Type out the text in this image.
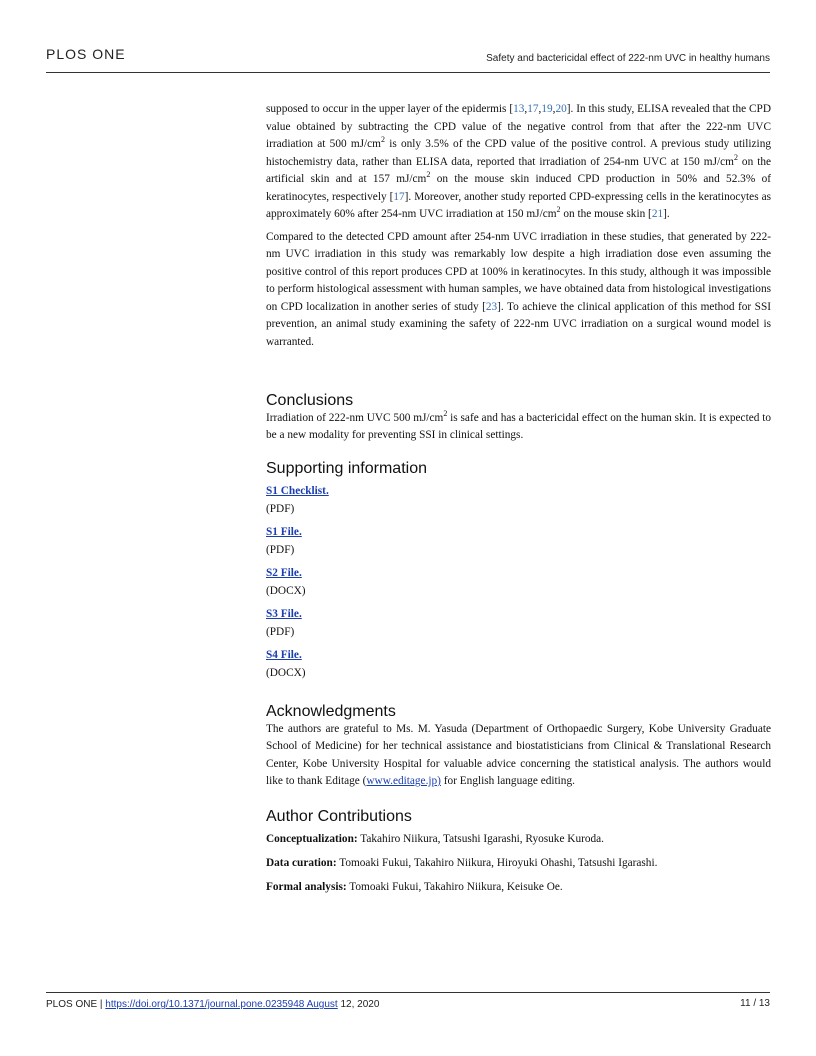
PLOS ONE	Safety and bactericidal effect of 222-nm UVC in healthy humans

supposed to occur in the upper layer of the epidermis [13,17,19,20]. In this study, ELISA revealed that the CPD value obtained by subtracting the CPD value of the negative control from that after the 222-nm UVC irradiation at 500 $mJ/cm^2$ is only 3.5% of the CPD value of the positive control. A previous study utilizing histochemistry data, rather than ELISA data, reported that irradiation of 254-nm UVC at 150 $mJ/cm^2$ on the artificial skin and at 157 $mJ/cm^2$ on the mouse skin induced CPD production in 50% and 52.3% of keratinocytes, respectively [17]. Moreover, another study reported CPD-expressing cells in the keratinocytes as approximately 60% after 254-nm UVC irradiation at 150 $mJ/cm^2$ on the mouse skin [21].

Compared to the detected CPD amount after 254-nm UVC irradiation in these studies, that generated by 222-nm UVC irradiation in this study was remarkably low despite a high irradiation dose even assuming the positive control of this report produces CPD at 100% in keratinocytes. In this study, although it was impossible to perform histological assessment with human samples, we have obtained data from histological investigations on CPD localization in another series of study [23]. To achieve the clinical application of this method for SSI prevention, an animal study examining the safety of 222-nm UVC irradiation on a surgical wound model is warranted.

Conclusions

Irradiation of 222-nm UVC 500 $mJ/cm^2$ is safe and has a bactericidal effect on the human skin. It is expected to be a new modality for preventing SSI in clinical settings.

Supporting information
S1 Checklist.
(PDF)
S1 File.
(PDF)
S2 File.
(DOCX)
S3 File.
(PDF)
S4 File.
(DOCX)
Acknowledgments

The authors are grateful to Ms. M. Yasuda (Department of Orthopaedic Surgery, Kobe University Graduate School of Medicine) for her technical assistance and biostatisticians from Clinical & Translational Research Center, Kobe University Hospital for valuable advice concerning the statistical analysis. The authors would like to thank Editage (www.editage.jp) for English language editing.

Author Contributions

Conceptualization: Takahiro Niikura, Tatsushi Igarashi, Ryosuke Kuroda.

Data curation: Tomoaki Fukui, Takahiro Niikura, Hiroyuki Ohashi, Tatsushi Igarashi.

Formal analysis: Tomoaki Fukui, Takahiro Niikura, Keisuke Oe.

PLOS ONE | https://doi.org/10.1371/journal.pone.0235948 August 12, 2020	11 / 13
